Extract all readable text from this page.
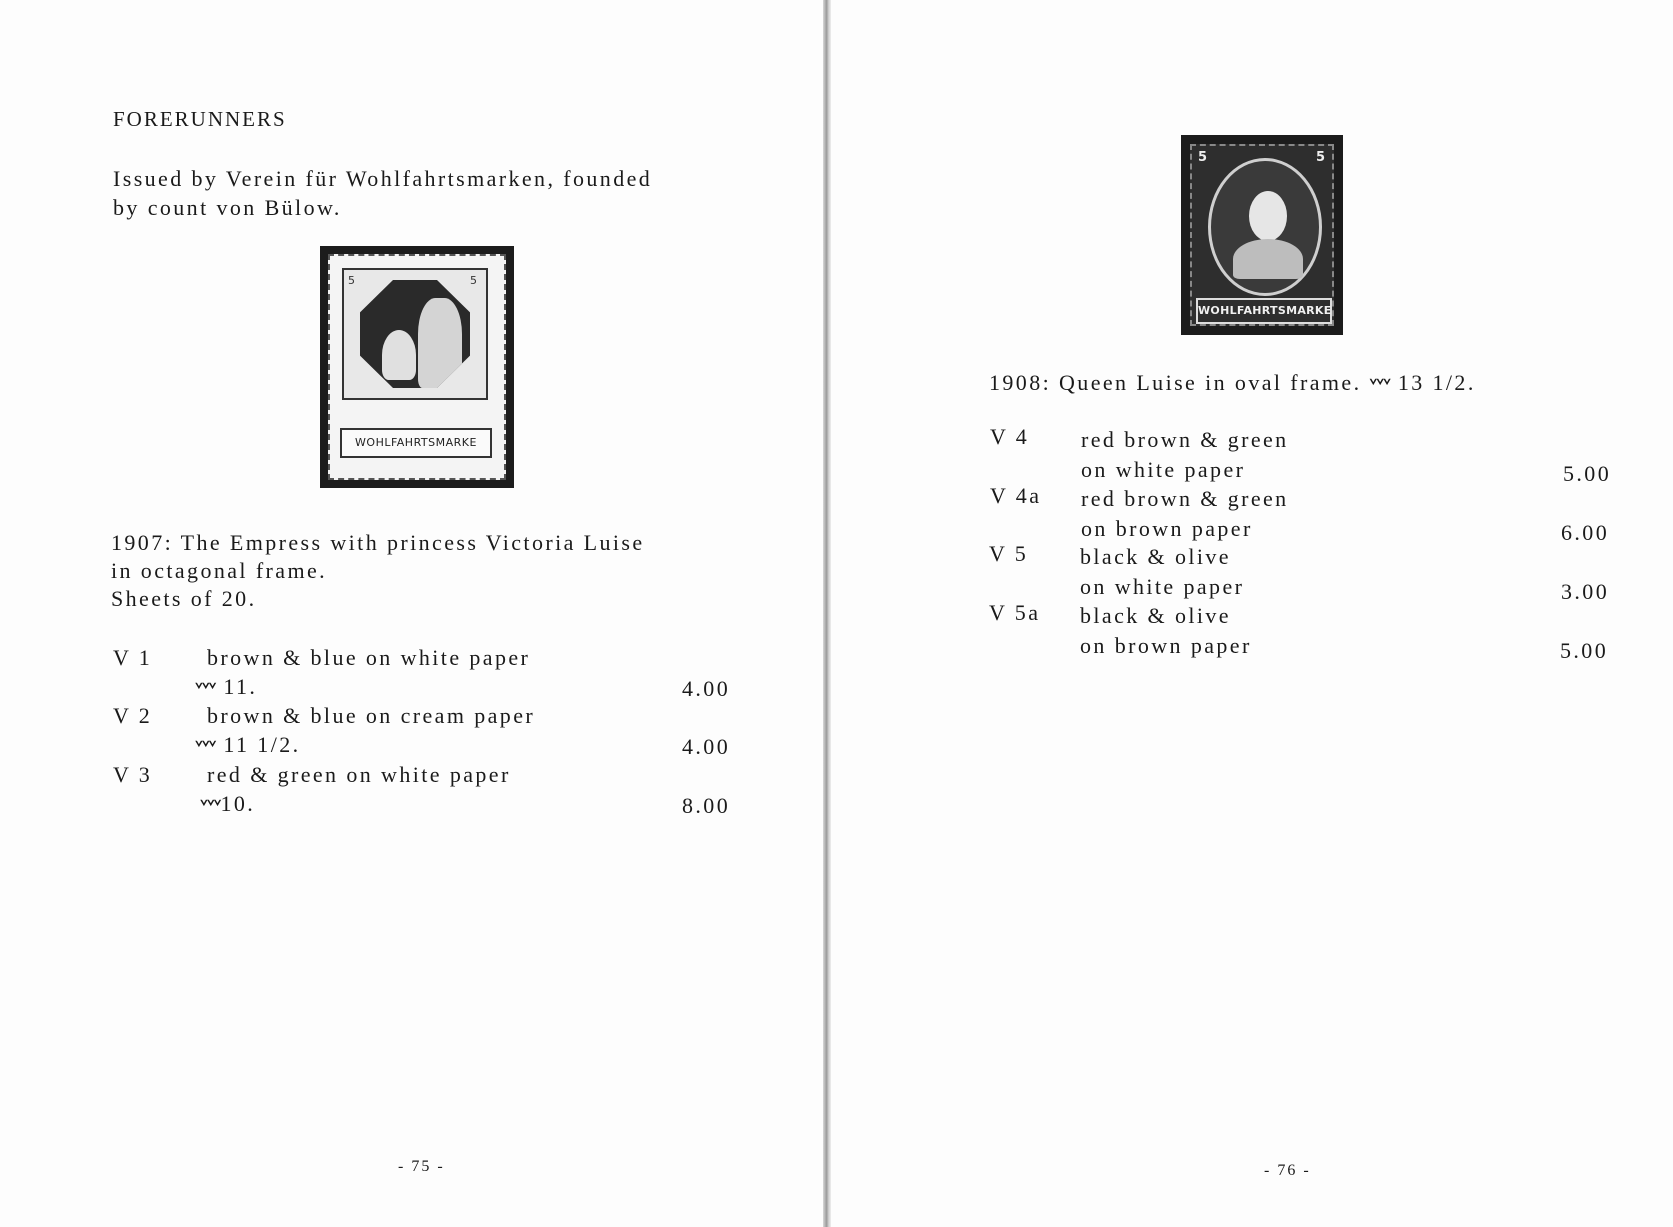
FORERUNNERS
Issued by Verein für Wohlfahrtsmarken, founded
by count von Bülow.
5	5
WOHLFAHRTSMARKE
1907: The Empress with princess Victoria Luise
in octagonal frame.
Sheets of 20.
V 1 brown & blue on white paper
ᘁᘁᘁ 11.	4.00
V 2 brown & blue on cream paper
ᘁᘁᘁ 11 1/2.	4.00
V 3 red & green on white paper
ᘁᘁᘁ10.	8.00
- 75 -
5	5
WOHLFAHRTSMARKE
1908: Queen Luise in oval frame. ᘁᘁᘁ 13 1/2.
V 4 red brown & green
on white paper	5.00
V 4a red brown & green
on brown paper	6.00
V 5 black & olive
on white paper	3.00
V 5a black & olive
on brown paper	5.00
- 76 -
